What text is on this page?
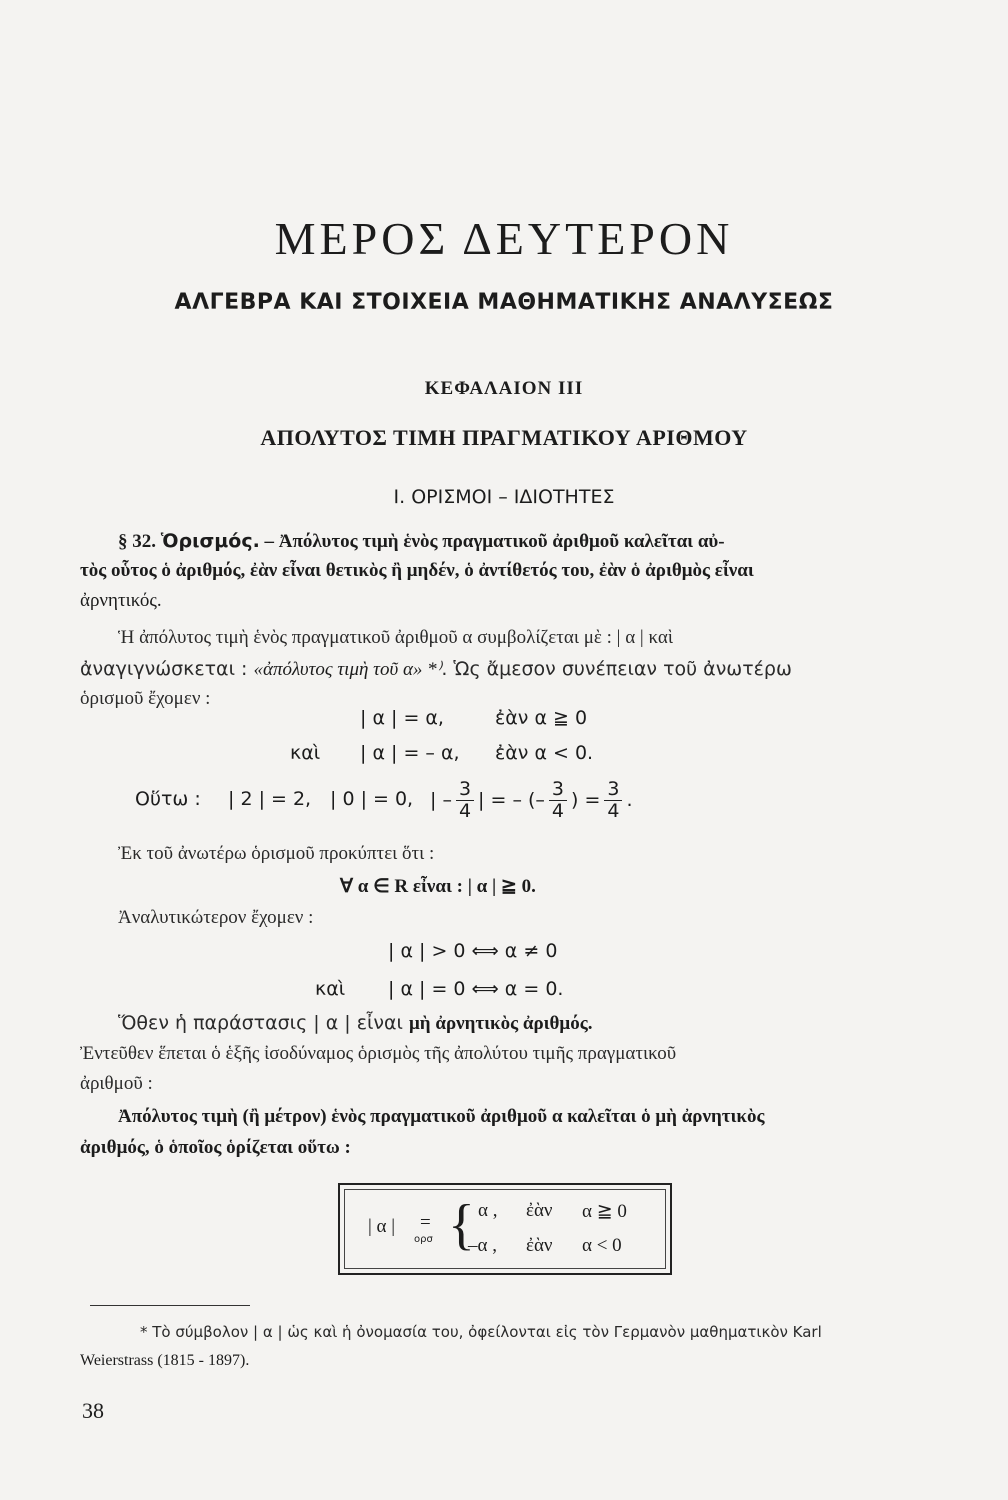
ΜΕΡΟΣ ΔΕΥΤΕΡΟΝ
ΑΛΓΕΒΡΑ ΚΑΙ ΣΤΟΙΧΕΙΑ ΜΑΘΗΜΑΤΙΚΗΣ ΑΝΑΛΥΣΕΩΣ
ΚΕΦΑΛΑΙΟΝ III
ΑΠΟΛΥΤΟΣ ΤΙΜΗ ΠΡΑΓΜΑΤΙΚΟΥ ΑΡΙΘΜΟΥ
Ι. ΟΡΙΣΜΟΙ – ΙΔΙΟΤΗΤΕΣ
§ 32. Ὁρισμός. – Ἀπόλυτος τιμὴ ἑνὸς πραγματικοῦ ἀριθμοῦ καλεῖται αὐ-
τὸς οὗτος ὁ ἀριθμός, ἐὰν εἶναι θετικὸς ἢ μηδέν, ὁ ἀντίθετός του, ἐὰν ὁ ἀριθμὸς εἶναι
ἀρνητικός.
Ἡ ἀπόλυτος τιμὴ ἑνὸς πραγματικοῦ ἀριθμοῦ α συμβολίζεται μὲ : | α | καὶ
ἀναγιγνώσκεται : «ἀπόλυτος τιμὴ τοῦ α» *⁾. Ὡς ἄμεσον συνέπειαν τοῦ ἀνωτέρω
ὁρισμοῦ ἔχομεν :
| α | = α,	ἐὰν α ≧ 0
καὶ | α | = – α, ἐὰν α < 0.
Οὕτω : | 2 | = 2, | 0 | = 0, | – $\frac{3}{4}$ | = – (– $\frac{3}{4}$ ) = $\frac{3}{4}$ .
Ἐκ τοῦ ἀνωτέρω ὁρισμοῦ προκύπτει ὅτι :
∀ α ∈ R εἶναι : | α | ≧ 0.
Ἀναλυτικώτερον ἔχομεν :
| α | > 0 ⟺ α ≠ 0
καὶ | α | = 0 ⟺ α = 0.
Ὅθεν ἡ παράστασις | α | εἶναι μὴ ἀρνητικὸς ἀριθμός.
Ἐντεῦθεν ἕπεται ὁ ἑξῆς ἰσοδύναμος ὁρισμὸς τῆς ἀπολύτου τιμῆς πραγματικοῦ
ἀριθμοῦ :
Ἀπόλυτος τιμὴ (ἢ μέτρον) ἑνὸς πραγματικοῦ ἀριθμοῦ α καλεῖται ὁ μὴ ἀρνητικὸς
ἀριθμός, ὁ ὁποῖος ὁρίζεται οὕτω :
| α | =
ορσ { α , ἐὰν α ≧ 0
–α , ἐὰν α < 0
* Τὸ σύμβολον | α | ὡς καὶ ἡ ὀνομασία του, ὀφείλονται εἰς τὸν Γερμανὸν μαθηματικὸν Karl
Weierstrass (1815 - 1897).
38
